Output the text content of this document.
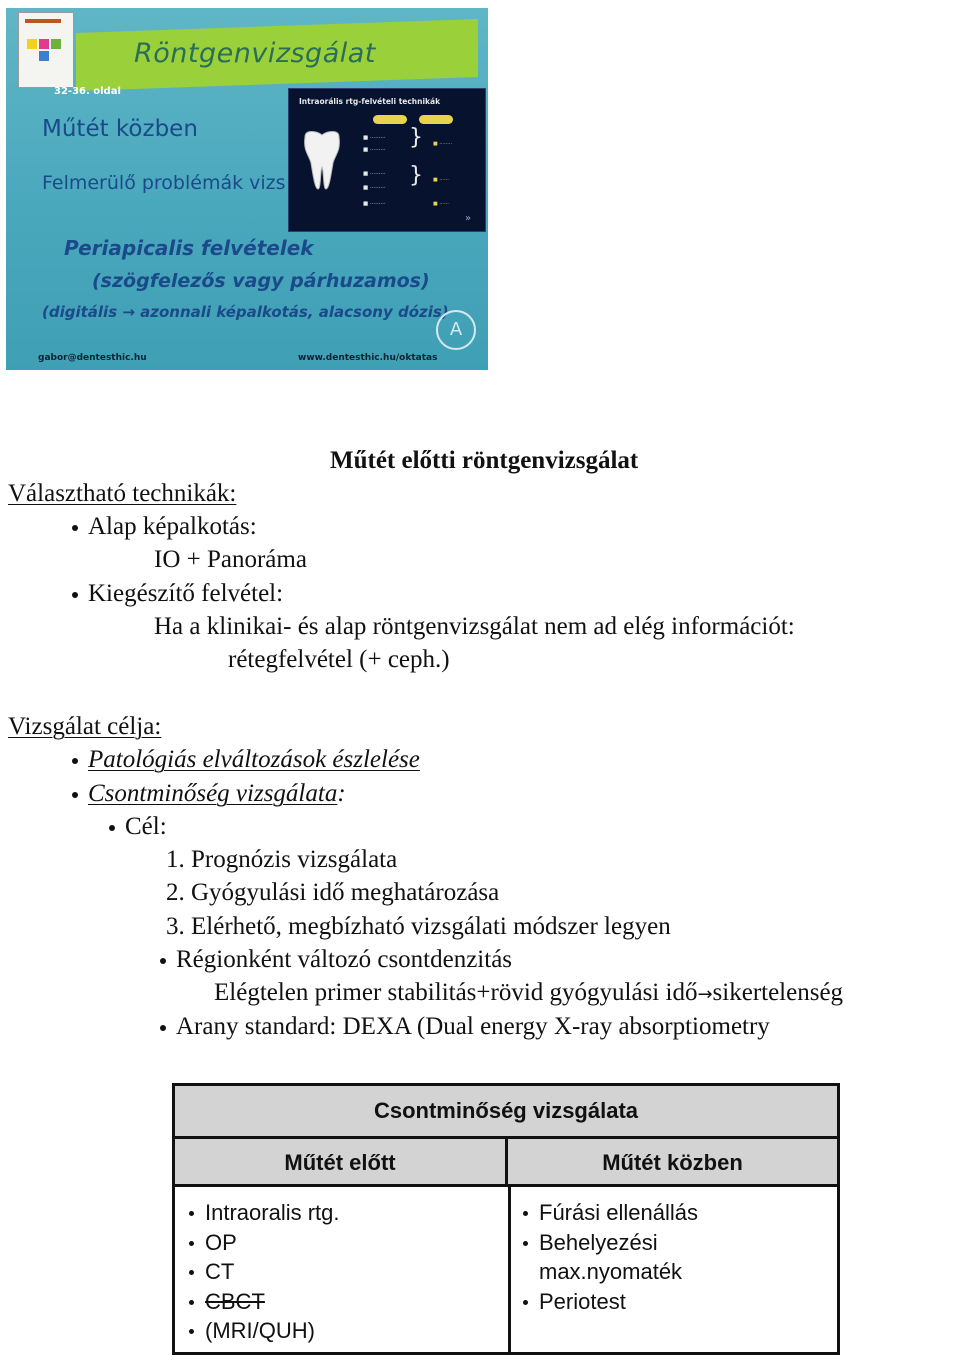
Röntgenvizsgálat
32-36. oldal
Műtét közben
Felmerülő problémák vizs
Periapicalis felvételek
(szögfelezős vagy párhuzamos)
(digitális → azonnali képalkotás, alacsony dózis)
gabor@dentesthic.hu	www.dentesthic.hu/oktatas
A
Intraorális rtg-felvételi technikák
■ ·········
■ ········· }
■ ·········
■ ········· }
■ ·········
■ ········
■ ······
■ ······
»
Műtét előtti röntgenvizsgálat
Választható technikák:
Alap képalkotás:
IO + Panoráma
Kiegészítő felvétel:
Ha a klinikai- és alap röntgenvizsgálat nem ad elég információt:
rétegfelvétel (+ ceph.)
Vizsgálat célja:
Patológiás elváltozások észlelése
Csontminőség vizsgálata:
Cél:
1. Prognózis vizsgálata
2. Gyógyulási idő meghatározása
3. Elérhető, megbízható vizsgálati módszer legyen
Régionként változó csontdenzitás
Elégtelen primer stabilitás+rövid gyógyulási idő→sikertelenség
Arany standard: DEXA (Dual energy X-ray absorptiometry
Csontminőség vizsgálata
Műtét előtt	Műtét közben
Intraoralis rtg.
OP
CT
CBCT
(MRI/QUH)
Fúrási ellenállás
Behelyezési
max.nyomaték
Periotest
